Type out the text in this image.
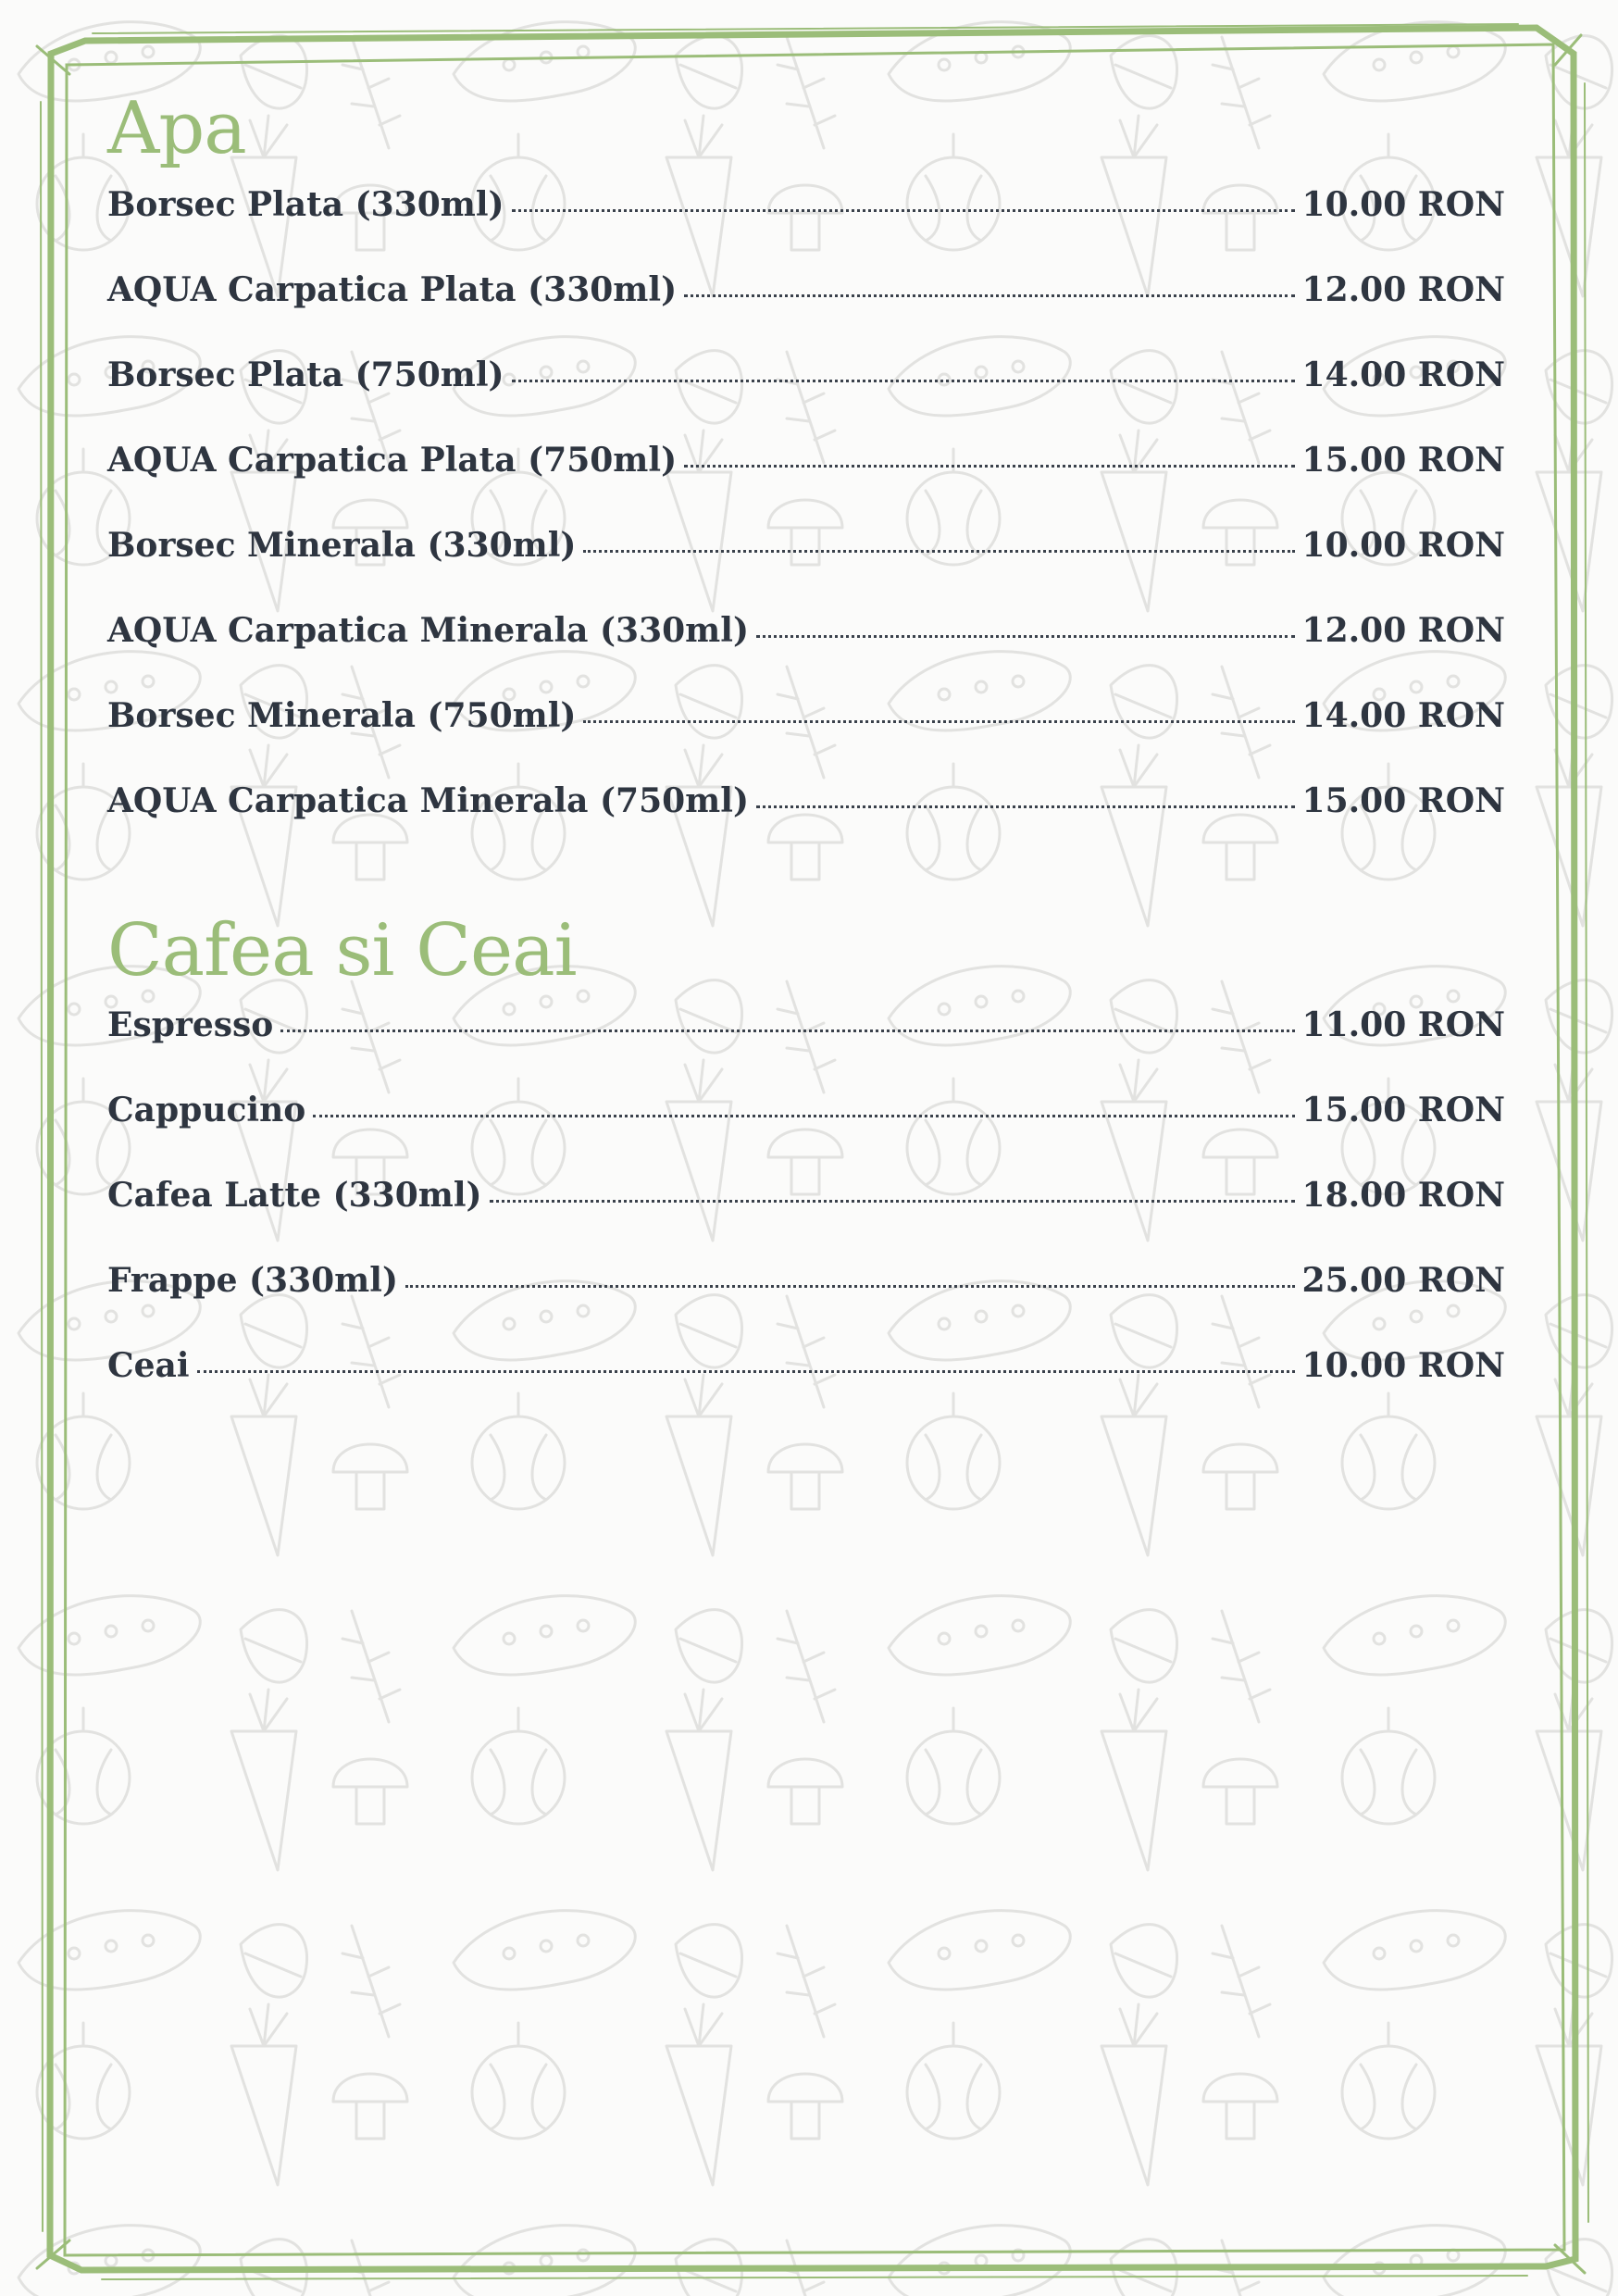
Apa
Borsec Plata (330ml)	10.00 RON
AQUA Carpatica Plata (330ml)	12.00 RON
Borsec Plata (750ml)	14.00 RON
AQUA Carpatica Plata (750ml)	15.00 RON
Borsec Minerala (330ml)	10.00 RON
AQUA Carpatica Minerala (330ml)	12.00 RON
Borsec Minerala (750ml)	14.00 RON
AQUA Carpatica Minerala (750ml)	15.00 RON
Cafea si Ceai
Espresso	11.00 RON
Cappucino	15.00 RON
Cafea Latte (330ml)	18.00 RON
Frappe (330ml)	25.00 RON
Ceai	10.00 RON
